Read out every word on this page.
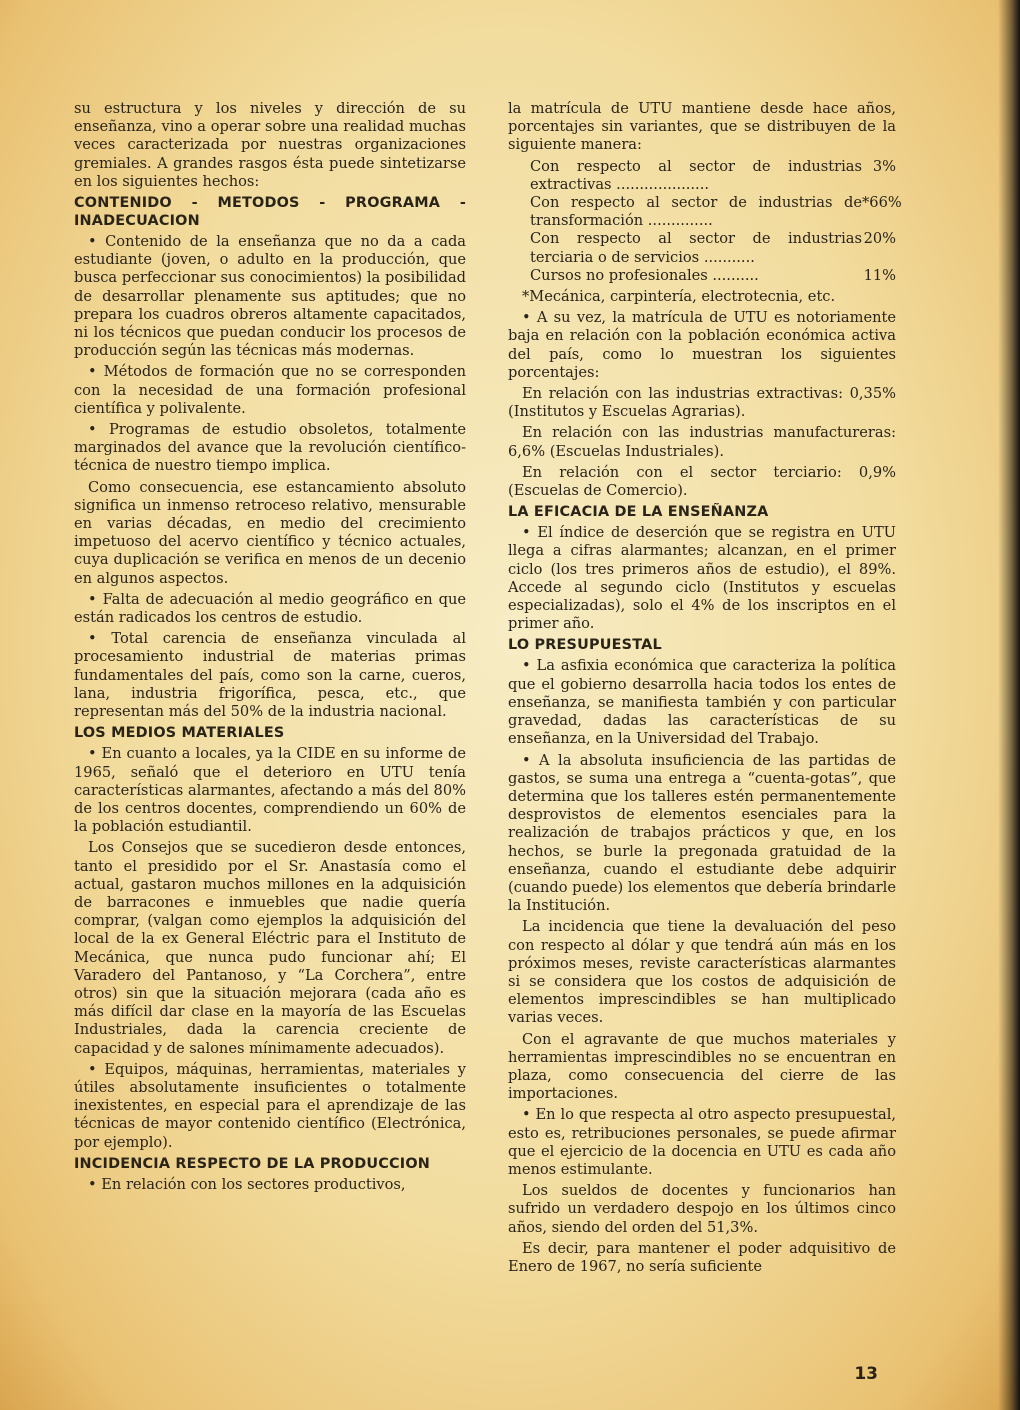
su estructura y los niveles y dirección de su enseñanza, vino a operar sobre una realidad muchas veces caracterizada por nuestras organizaciones gremiales. A grandes rasgos ésta puede sintetizarse en los siguientes hechos:

CONTENIDO - METODOS - PROGRAMA - INADECUACION

• Contenido de la enseñanza que no da a cada estudiante (joven, o adulto en la producción, que busca perfeccionar sus conocimientos) la posibilidad de desarrollar plenamente sus aptitudes; que no prepara los cuadros obreros altamente capacitados, ni los técnicos que puedan conducir los procesos de producción según las técnicas más modernas.

• Métodos de formación que no se corresponden con la necesidad de una formación profesional científica y polivalente.

• Programas de estudio obsoletos, totalmente marginados del avance que la revolución científico-técnica de nuestro tiempo implica.

Como consecuencia, ese estancamiento absoluto significa un inmenso retroceso relativo, mensurable en varias décadas, en medio del crecimiento impetuoso del acervo científico y técnico actuales, cuya duplicación se verifica en menos de un decenio en algunos aspectos.

• Falta de adecuación al medio geográfico en que están radicados los centros de estudio.

• Total carencia de enseñanza vinculada al procesamiento industrial de materias primas fundamentales del país, como son la carne, cueros, lana, industria frigorífica, pesca, etc., que representan más del 50% de la industria nacional.

LOS MEDIOS MATERIALES

• En cuanto a locales, ya la CIDE en su informe de 1965, señaló que el deterioro en UTU tenía características alarmantes, afectando a más del 80% de los centros docentes, comprendiendo un 60% de la población estudiantil.

Los Consejos que se sucedieron desde entonces, tanto el presidido por el Sr. Anastasía como el actual, gastaron muchos millones en la adquisición de barracones e inmuebles que nadie quería comprar, (valgan como ejemplos la adquisición del local de la ex General Eléctric para el Instituto de Mecánica, que nunca pudo funcionar ahí; El Varadero del Pantanoso, y “La Corchera”, entre otros) sin que la situación mejorara (cada año es más difícil dar clase en la mayoría de las Escuelas Industriales, dada la carencia creciente de capacidad y de salones mínimamente adecuados).

• Equipos, máquinas, herramientas, materiales y útiles absolutamente insuficientes o totalmente inexistentes, en especial para el aprendizaje de las técnicas de mayor contenido científico (Electrónica, por ejemplo).

INCIDENCIA RESPECTO DE LA PRODUCCION

• En relación con los sectores productivos,

la matrícula de UTU mantiene desde hace años, porcentajes sin variantes, que se distribuyen de la siguiente manera:

Con respecto al sector de industrias extractivas ....................
3%
Con respecto al sector de industrias de transformación ..............
*66%
Con respecto al sector de industrias terciaria o de servicios ...........
20%
Cursos no profesionales ..........	11%

*Mecánica, carpintería, electrotecnia, etc.

• A su vez, la matrícula de UTU es notoriamente baja en relación con la población económica activa del país, como lo muestran los siguientes porcentajes:

En relación con las industrias extractivas: 0,35% (Institutos y Escuelas Agrarias).

En relación con las industrias manufactureras: 6,6% (Escuelas Industriales).

En relación con el sector terciario: 0,9% (Escuelas de Comercio).

LA EFICACIA DE LA ENSEÑANZA

• El índice de deserción que se registra en UTU llega a cifras alarmantes; alcanzan, en el primer ciclo (los tres primeros años de estudio), el 89%. Accede al segundo ciclo (Institutos y escuelas especializadas), solo el 4% de los inscriptos en el primer año.

LO PRESUPUESTAL

• La asfixia económica que caracteriza la política que el gobierno desarrolla hacia todos los entes de enseñanza, se manifiesta también y con particular gravedad, dadas las características de su enseñanza, en la Universidad del Trabajo.

• A la absoluta insuficiencia de las partidas de gastos, se suma una entrega a “cuenta-gotas”, que determina que los talleres estén permanentemente desprovistos de elementos esenciales para la realización de trabajos prácticos y que, en los hechos, se burle la pregonada gratuidad de la enseñanza, cuando el estudiante debe adquirir (cuando puede) los elementos que debería brindarle la Institución.

La incidencia que tiene la devaluación del peso con respecto al dólar y que tendrá aún más en los próximos meses, reviste características alarmantes si se considera que los costos de adquisición de elementos imprescindibles se han multiplicado varias veces.

Con el agravante de que muchos materiales y herramientas imprescindibles no se encuentran en plaza, como consecuencia del cierre de las importaciones.

• En lo que respecta al otro aspecto presupuestal, esto es, retribuciones personales, se puede afirmar que el ejercicio de la docencia en UTU es cada año menos estimulante.

Los sueldos de docentes y funcionarios han sufrido un verdadero despojo en los últimos cinco años, siendo del orden del 51,3%.

Es decir, para mantener el poder adquisitivo de Enero de 1967, no sería suficiente

13
